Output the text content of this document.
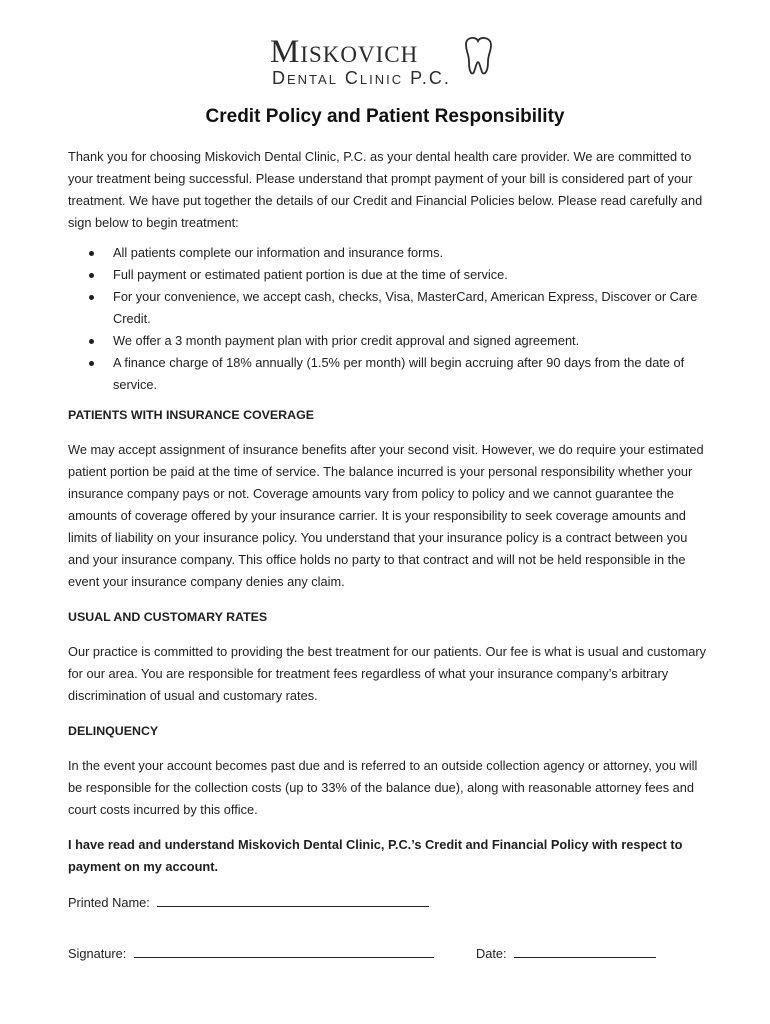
Miskovich
Dental Clinic P.C.
Credit Policy and Patient Responsibility

Thank you for choosing Miskovich Dental Clinic, P.C. as your dental health care provider. We are committed to your treatment being successful. Please understand that prompt payment of your bill is considered part of your treatment. We have put together the details of our Credit and Financial Policies below. Please read carefully and sign below to begin treatment:

All patients complete our information and insurance forms.
Full payment or estimated patient portion is due at the time of service.
For your convenience, we accept cash, checks, Visa, MasterCard, American Express, Discover or Care Credit.
We offer a 3 month payment plan with prior credit approval and signed agreement.
A finance charge of 18% annually (1.5% per month) will begin accruing after 90 days from the date of service.

PATIENTS WITH INSURANCE COVERAGE

We may accept assignment of insurance benefits after your second visit. However, we do require your estimated patient portion be paid at the time of service. The balance incurred is your personal responsibility whether your insurance company pays or not. Coverage amounts vary from policy to policy and we cannot guarantee the amounts of coverage offered by your insurance carrier. It is your responsibility to seek coverage amounts and limits of liability on your insurance policy. You understand that your insurance policy is a contract between you and your insurance company. This office holds no party to that contract and will not be held responsible in the event your insurance company denies any claim.

USUAL AND CUSTOMARY RATES

Our practice is committed to providing the best treatment for our patients. Our fee is what is usual and customary for our area. You are responsible for treatment fees regardless of what your insurance company’s arbitrary discrimination of usual and customary rates.

DELINQUENCY

In the event your account becomes past due and is referred to an outside collection agency or attorney, you will be responsible for the collection costs (up to 33% of the balance due), along with reasonable attorney fees and court costs incurred by this office.

I have read and understand Miskovich Dental Clinic, P.C.’s Credit and Financial Policy with respect to payment on my account.

Printed Name:
Signature:	Date:
